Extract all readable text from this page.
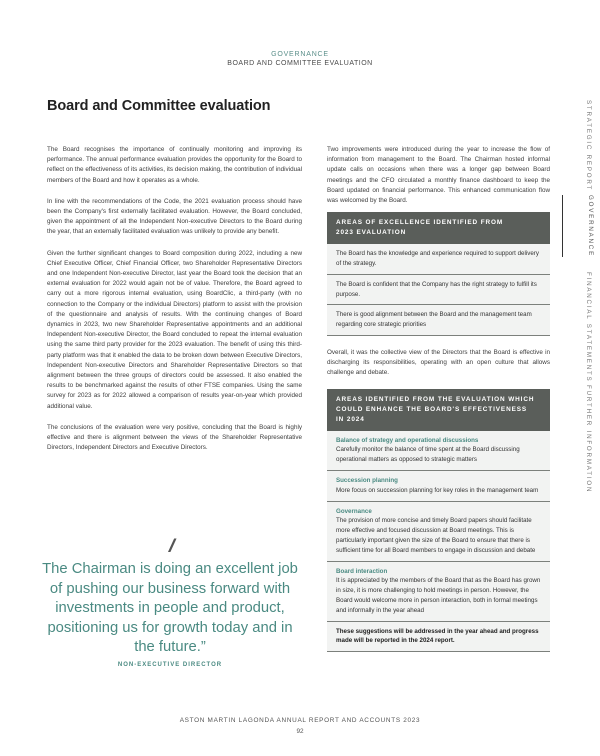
GOVERNANCE
BOARD AND COMMITTEE EVALUATION
Board and Committee evaluation

The Board recognises the importance of continually monitoring and improving its performance. The annual performance evaluation provides the opportunity for the Board to reflect on the effectiveness of its activities, its decision making, the contribution of individual members of the Board and how it operates as a whole.

In line with the recommendations of the Code, the 2021 evaluation process should have been the Company's first externally facilitated evaluation. However, the Board concluded, given the appointment of all the Independent Non-executive Directors to the Board during the year, that an externally facilitated evaluation was unlikely to provide any benefit.

Given the further significant changes to Board composition during 2022, including a new Chief Executive Officer, Chief Financial Officer, two Shareholder Representative Directors and one Independent Non-executive Director, last year the Board took the decision that an external evaluation for 2022 would again not be of value. Therefore, the Board agreed to carry out a more rigorous internal evaluation, using BoardClic, a third-party (with no connection to the Company or the individual Directors) platform to assist with the provision of the questionnaire and analysis of results. With the continuing changes of Board dynamics in 2023, two new Shareholder Representative appointments and an additional Independent Non-executive Director, the Board concluded to repeat the internal evaluation using the same third party provider for the 2023 evaluation. The benefit of using this third-party platform was that it enabled the data to be broken down between Executive Directors, Independent Non-executive Directors and Shareholder Representative Directors so that alignment between the three groups of directors could be assessed. It also enabled the results to be benchmarked against the results of other FTSE companies. Using the same survey for 2023 as for 2022 allowed a comparison of results year-on-year which provided additional value.

The conclusions of the evaluation were very positive, concluding that the Board is highly effective and there is alignment between the views of the Shareholder Representative Directors, Independent Directors and Executive Directors.

//
The Chairman is doing an excellent job of pushing our business forward with investments in people and product, positioning us for growth today and in the future.”
NON-EXECUTIVE DIRECTOR

Two improvements were introduced during the year to increase the flow of information from management to the Board. The Chairman hosted informal update calls on occasions when there was a longer gap between Board meetings and the CFO circulated a monthly finance dashboard to keep the Board updated on financial performance. This enhanced communication flow was welcomed by the Board.

AREAS OF EXCELLENCE IDENTIFIED FROM
2023 EVALUATION
The Board has the knowledge and experience required to support delivery of the strategy.
The Board is confident that the Company has the right strategy to fulfill its purpose.
There is good alignment between the Board and the management team regarding core strategic priorities

Overall, it was the collective view of the Directors that the Board is effective in discharging its responsibilities, operating with an open culture that allows challenge and debate.

AREAS IDENTIFIED FROM THE EVALUATION WHICH
COULD ENHANCE THE BOARD'S EFFECTIVENESS
IN 2024
Balance of strategy and operational discussions
Carefully monitor the balance of time spent at the Board discussing operational matters as opposed to strategic matters
Succession planning
More focus on succession planning for key roles in the management team
Governance
The provision of more concise and timely Board papers should facilitate more effective and focused discussion at Board meetings. This is particularly important given the size of the Board to ensure that there is sufficient time for all Board members to engage in discussion and debate
Board interaction
It is appreciated by the members of the Board that as the Board has grown in size, it is more challenging to hold meetings in person. However, the Board would welcome more in person interaction, both in formal meetings and informally in the year ahead
These suggestions will be addressed in the year ahead and progress made will be reported in the 2024 report.
STRATEGIC REPORT
GOVERNANCE
FINANCIAL STATEMENTS
FURTHER INFORMATION
ASTON MARTIN LAGONDA ANNUAL REPORT AND ACCOUNTS 2023
92
